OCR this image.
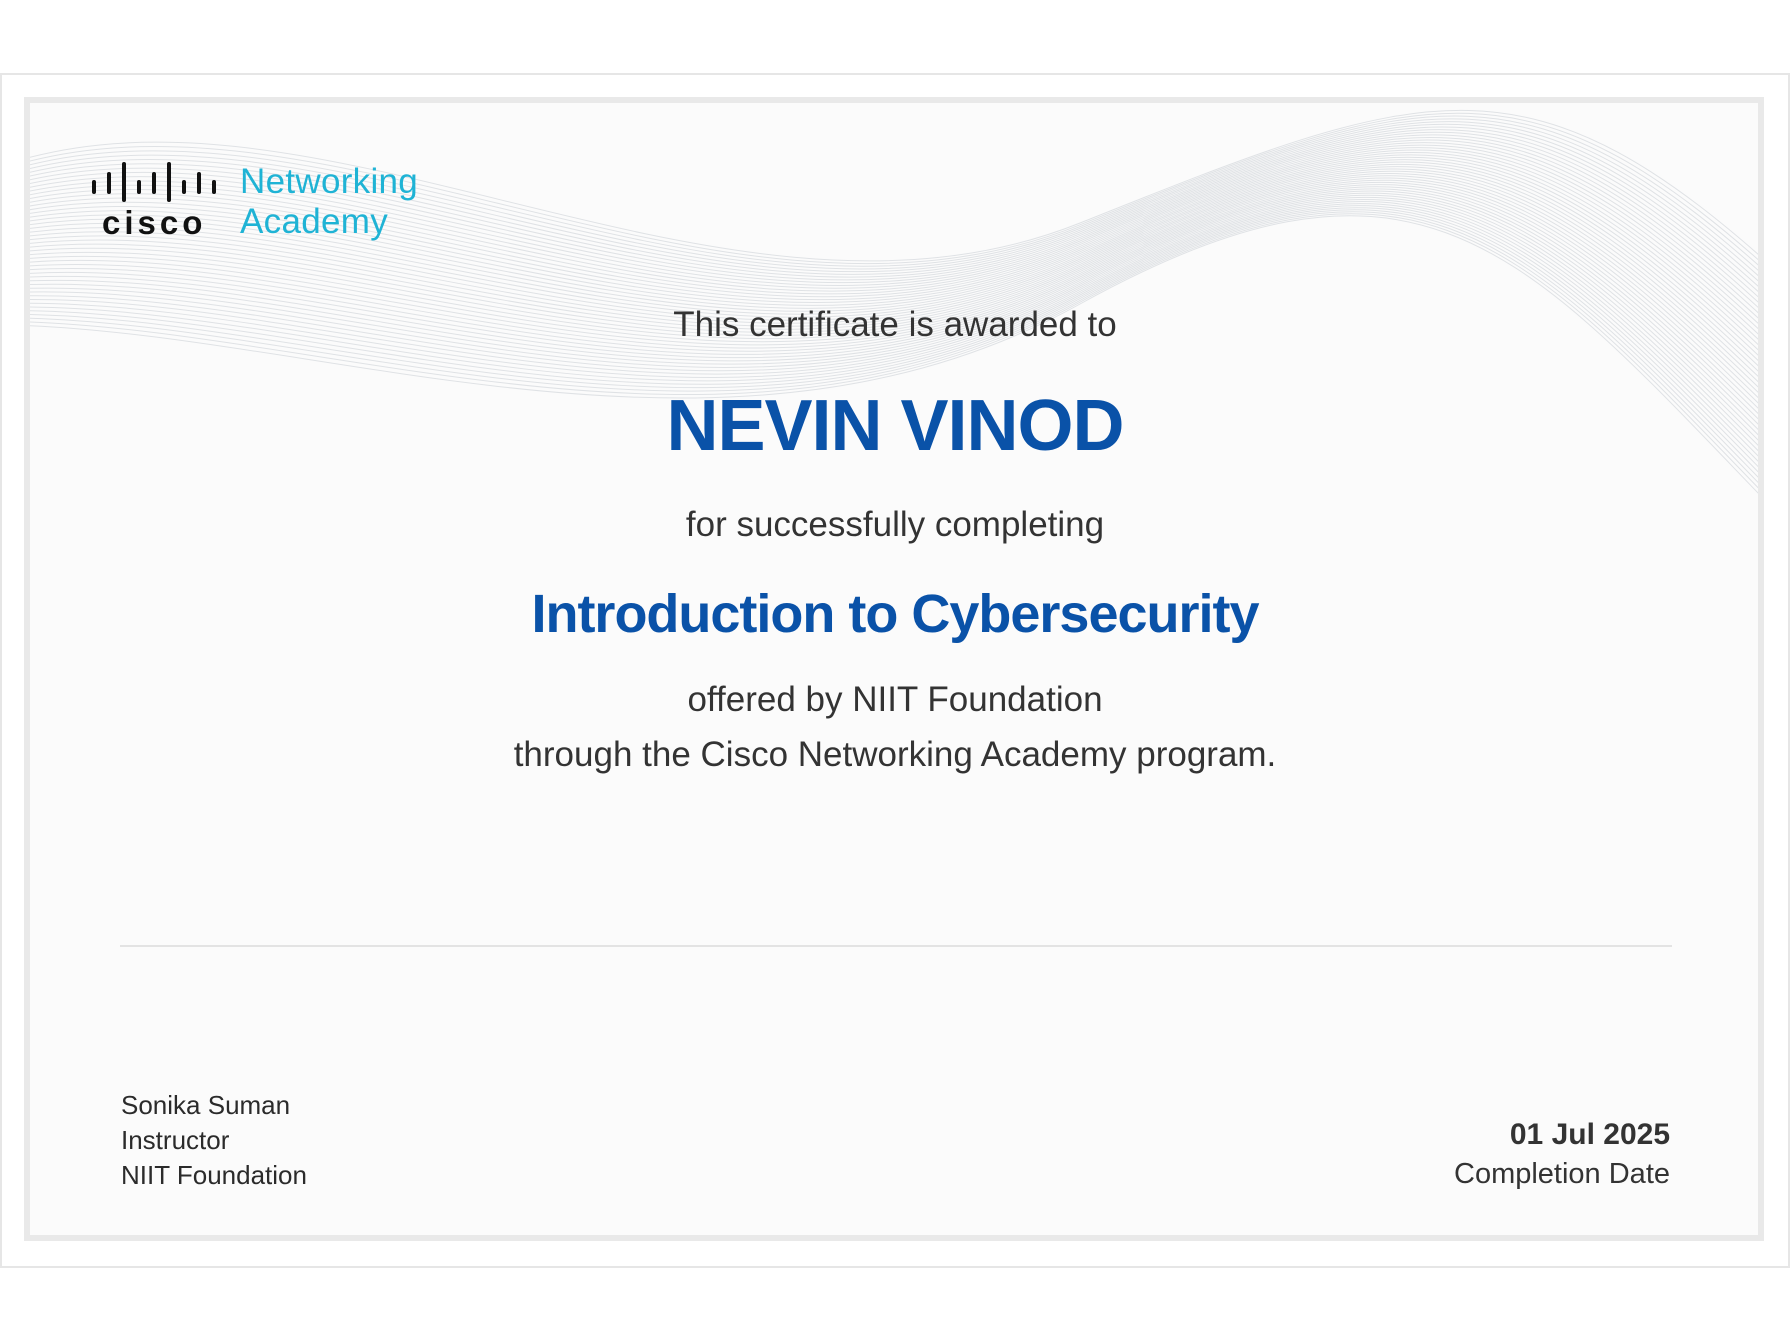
cisco
Networking
Academy
This certificate is awarded to
NEVIN VINOD
for successfully completing
Introduction to Cybersecurity
offered by NIIT Foundation
through the Cisco Networking Academy program.
Sonika Suman
Instructor
NIIT Foundation
01 Jul 2025
Completion Date
